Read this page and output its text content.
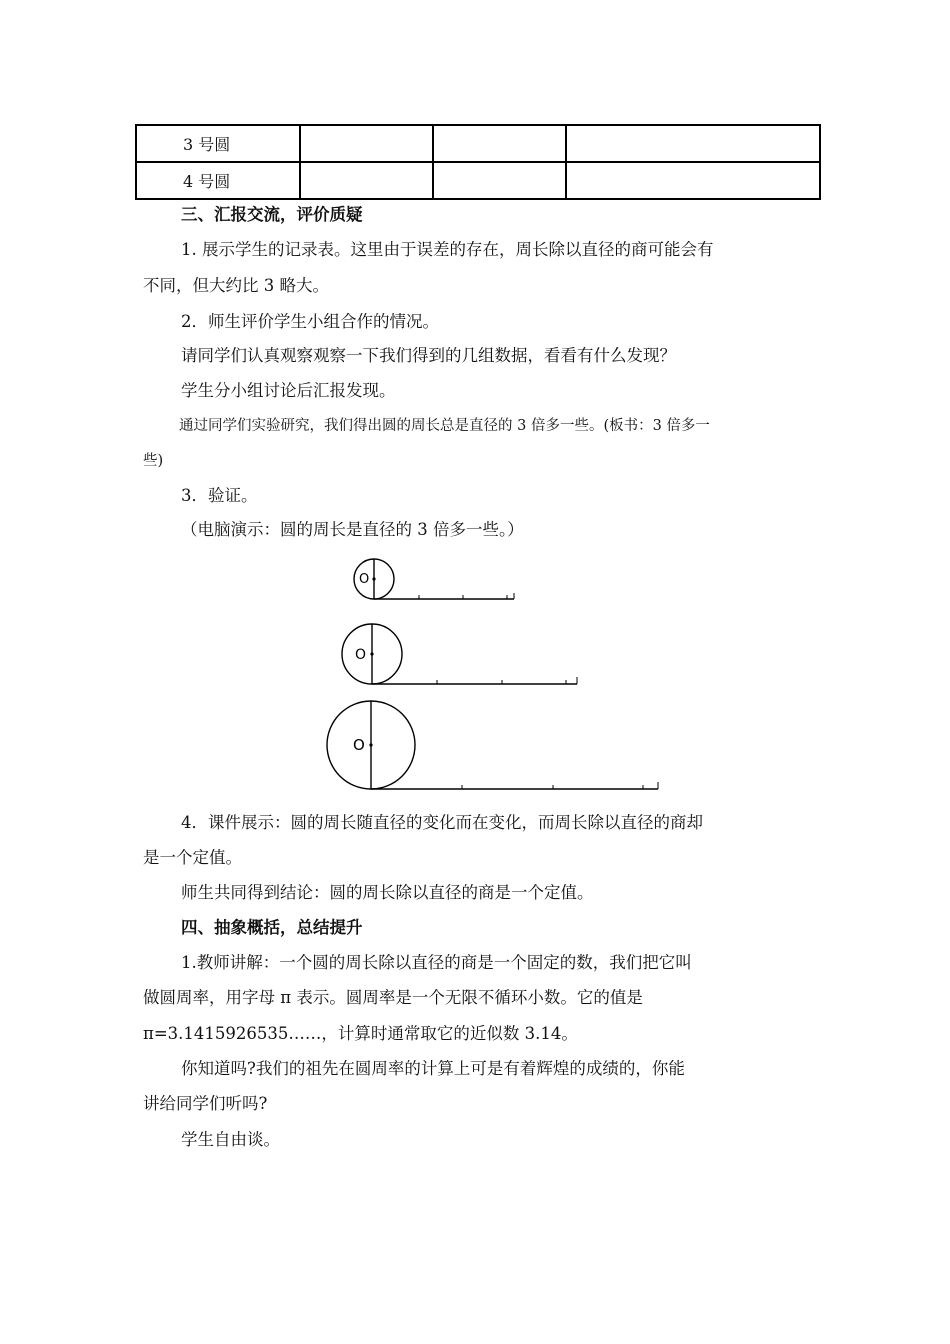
3 号圆			
4 号圆			
三、汇报交流，评价质疑
1. 展示学生的记录表。这里由于误差的存在，周长除以直径的商可能会有
不同，但大约比 3 略大。
2．师生评价学生小组合作的情况。
请同学们认真观察观察一下我们得到的几组数据，看看有什么发现？
学生分小组讨论后汇报发现。
通过同学们实验研究，我们得出圆的周长总是直径的 3 倍多一些。(板书：3 倍多一
些)
3．验证。
（电脑演示：圆的周长是直径的 3 倍多一些。）
O
O
O
4．课件展示：圆的周长随直径的变化而在变化，而周长除以直径的商却
是一个定值。
师生共同得到结论：圆的周长除以直径的商是一个定值。
四、抽象概括，总结提升
1.教师讲解：一个圆的周长除以直径的商是一个固定的数，我们把它叫
做圆周率，用字母 π 表示。圆周率是一个无限不循环小数。它的值是
π=3.1415926535……，计算时通常取它的近似数 3.14。
你知道吗?我们的祖先在圆周率的计算上可是有着辉煌的成绩的，你能
讲给同学们听吗?
学生自由谈。
